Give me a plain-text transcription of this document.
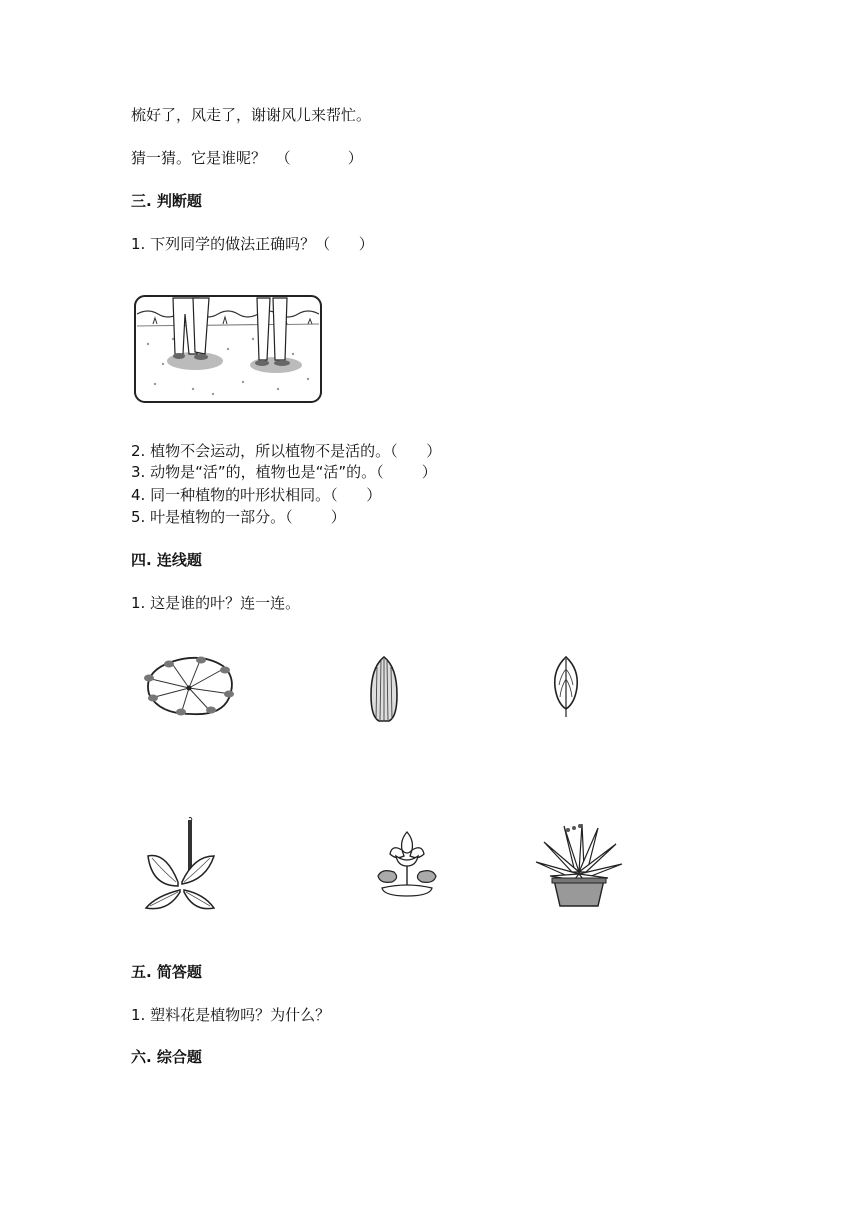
梳好了，风走了，谢谢风儿来帮忙。
猜一猜。它是谁呢？  （            ）
三. 判断题
1. 下列同学的做法正确吗？（      ）
2. 植物不会运动，所以植物不是活的。（      ）
3. 动物是“活”的，植物也是“活”的。（        ）
4. 同一种植物的叶形状相同。（      ）
5. 叶是植物的一部分。（        ）
四. 连线题
1. 这是谁的叶？连一连。
五. 简答题
1. 塑料花是植物吗？为什么？
六. 综合题
